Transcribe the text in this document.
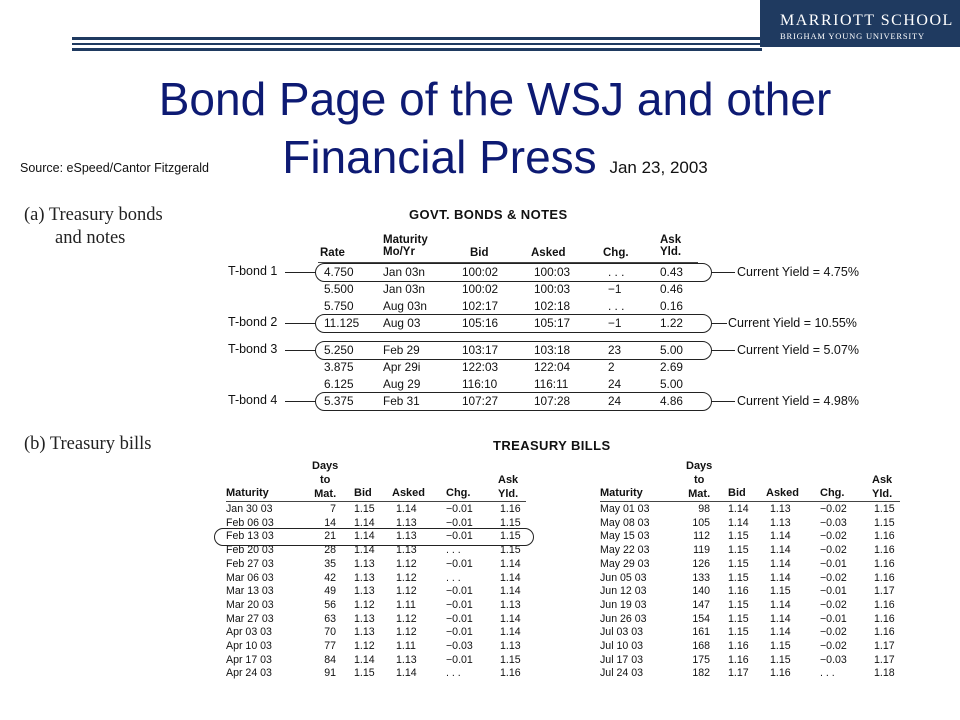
MARRIOTT SCHOOL
BRIGHAM YOUNG UNIVERSITY
Bond Page of the WSJ and other
Financial Press Jan 23, 2003
Source: eSpeed/Cantor Fitzgerald
(a) Treasury bonds
and notes
GOVT. BONDS & NOTES
Rate
Maturity
Mo/Yr	Bid	Asked	Chg.
Ask
Yld.
T-bond 1	Current Yield = 4.75%
4.750 Jan 03n	100:02	100:03	. . .	0.43
5.500 Jan 03n	100:02	100:03	−1	0.46
5.750 Aug 03n	102:17	102:18	. . .	0.16
T-bond 2	Current Yield = 10.55%
11.125 Aug 03	105:16	105:17	−1	1.22
T-bond 3	Current Yield = 5.07%
5.250 Feb 29	103:17	103:18	23	5.00
3.875 Apr 29i	122:03	122:04	2	2.69
6.125 Aug 29	116:10	116:11	24	5.00
T-bond 4	Current Yield = 4.98%
5.375 Feb 31	107:27	107:28	24	4.86
(b) Treasury bills	TREASURY BILLS
Maturity
Days
to
Mat. Bid Asked Chg.
Ask
Yld.
Jan 30 03	7 1.15 1.14	−0.01	1.16
Feb 06 03	14 1.14 1.13	−0.01	1.15
Feb 13 03	21 1.14 1.13	−0.01	1.15
Feb 20 03	28 1.14 1.13	. . .	1.15
Feb 27 03	35 1.13 1.12	−0.01	1.14
Mar 06 03	42 1.13 1.12	. . .	1.14
Mar 13 03	49 1.13 1.12	−0.01	1.14
Mar 20 03	56 1.12 1.11	−0.01	1.13
Mar 27 03	63 1.13 1.12	−0.01	1.14
Apr 03 03	70 1.13 1.12	−0.01	1.14
Apr 10 03	77 1.12 1.11	−0.03	1.13
Apr 17 03	84 1.14 1.13	−0.01	1.15
Apr 24 03	91 1.15 1.14	. . .	1.16
Maturity
Days
to
Mat. Bid Asked Chg.
Ask
Yld.
May 01 03	98 1.14 1.13	−0.02	1.15
May 08 03	105 1.14 1.13	−0.03	1.15
May 15 03	112 1.15 1.14	−0.02	1.16
May 22 03	119 1.15 1.14	−0.02	1.16
May 29 03	126 1.15 1.14	−0.01	1.16
Jun 05 03	133 1.15 1.14	−0.02	1.16
Jun 12 03	140 1.16 1.15	−0.01	1.17
Jun 19 03	147 1.15 1.14	−0.02	1.16
Jun 26 03	154 1.15 1.14	−0.01	1.16
Jul 03 03	161 1.15 1.14	−0.02	1.16
Jul 10 03	168 1.16 1.15	−0.02	1.17
Jul 17 03	175 1.16 1.15	−0.03	1.17
Jul 24 03	182 1.17 1.16	. . .	1.18
